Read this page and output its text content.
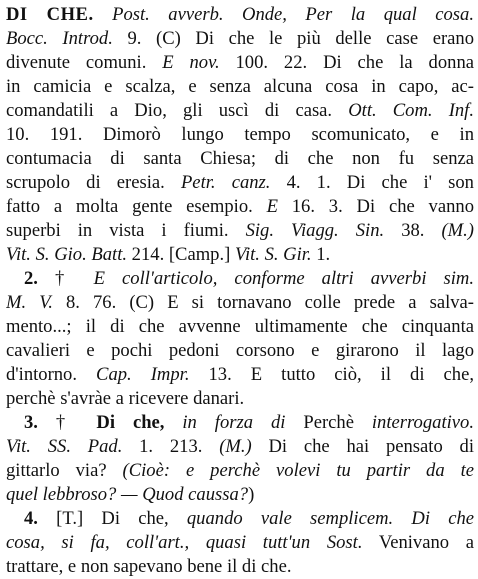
DI CHE. Post. avverb. Onde, Per la qual cosa.
Bocc. Introd. 9. (C) Di che le più delle case erano
divenute comuni. E nov. 100. 22. Di che la donna
in camicia e scalza, e senza alcuna cosa in capo, ac-
comandatili a Dio, gli uscì di casa. Ott. Com. Inf.
10. 191. Dimorò lungo tempo scomunicato, e in
contumacia di santa Chiesa; di che non fu senza
scrupolo di eresia. Petr. canz. 4. 1. Di che i' son
fatto a molta gente esempio. E 16. 3. Di che vanno
superbi in vista i fiumi. Sig. Viagg. Sin. 38. (M.)
Vit. S. Gio. Batt. 214. [Camp.] Vit. S. Gir. 1.
2. † E coll'articolo, conforme altri avverbi sim.
M. V. 8. 76. (C) E si tornavano colle prede a salva-
mento...; il di che avvenne ultimamente che cinquanta
cavalieri e pochi pedoni corsono e girarono il lago
d'intorno. Cap. Impr. 13. E tutto ciò, il di che,
perchè s'avràe a ricevere danari.
3. † Di che, in forza di Perchè interrogativo.
Vit. SS. Pad. 1. 213. (M.) Di che hai pensato di
gittarlo via? (Cioè: e perchè volevi tu partir da te
quel lebbroso? — Quod caussa?)
4. [T.] Di che, quando vale semplicem. Di che
cosa, si fa, coll'art., quasi tutt'un Sost. Venivano a
trattare, e non sapevano bene il di che.
